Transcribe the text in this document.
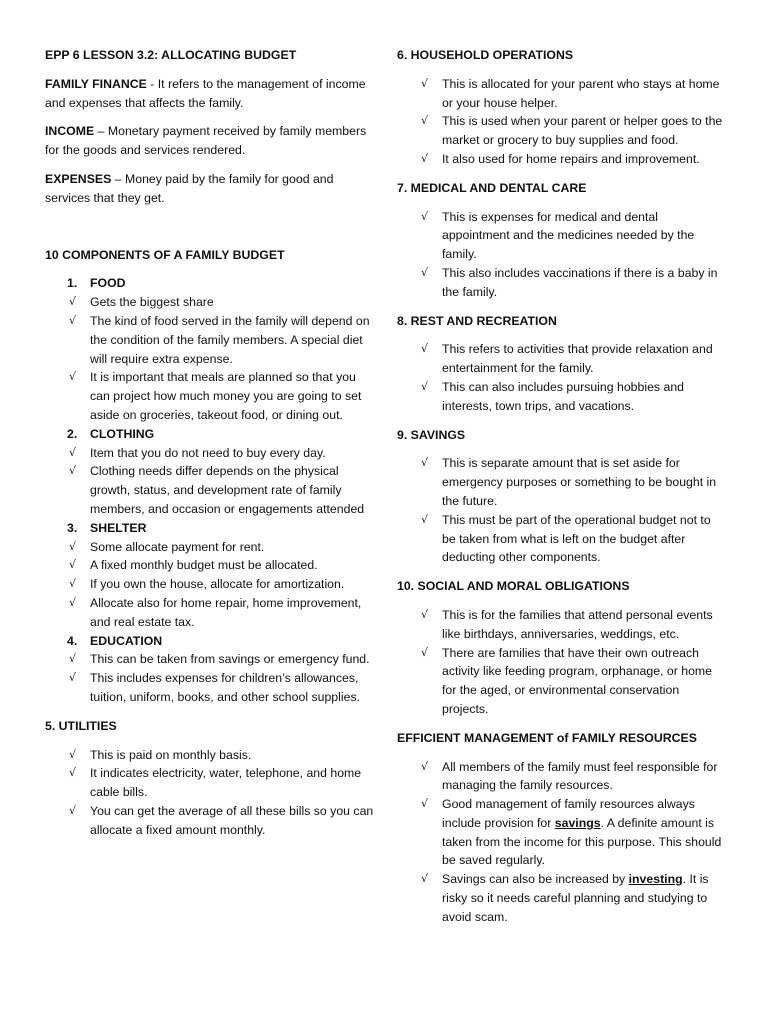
EPP 6 LESSON 3.2: ALLOCATING BUDGET

FAMILY FINANCE - It refers to the management of income and expenses that affects the family.

INCOME – Monetary payment received by family members for the goods and services rendered.

EXPENSES – Money paid by the family for good and services that they get.

10 COMPONENTS OF A FAMILY BUDGET

1. FOOD
√ Gets the biggest share
√ The kind of food served in the family will depend on the condition of the family members. A special diet will require extra expense.
√ It is important that meals are planned so that you can project how much money you are going to set aside on groceries, takeout food, or dining out.
2. CLOTHING
√ Item that you do not need to buy every day.
√ Clothing needs differ depends on the physical growth, status, and development rate of family members, and occasion or engagements attended
3. SHELTER
√ Some allocate payment for rent.
√ A fixed monthly budget must be allocated.
√ If you own the house, allocate for amortization.
√ Allocate also for home repair, home improvement, and real estate tax.
4. EDUCATION
√ This can be taken from savings or emergency fund.
√ This includes expenses for children’s allowances, tuition, uniform, books, and other school supplies.

5. UTILITIES

√ This is paid on monthly basis.
√ It indicates electricity, water, telephone, and home cable bills.
√ You can get the average of all these bills so you can allocate a fixed amount monthly.

6. HOUSEHOLD OPERATIONS

√ This is allocated for your parent who stays at home or your house helper.
√ This is used when your parent or helper goes to the market or grocery to buy supplies and food.
√ It also used for home repairs and improvement.

7. MEDICAL AND DENTAL CARE

√ This is expenses for medical and dental appointment and the medicines needed by the family.
√ This also includes vaccinations if there is a baby in the family.

8. REST AND RECREATION

√ This refers to activities that provide relaxation and entertainment for the family.
√ This can also includes pursuing hobbies and interests, town trips, and vacations.

9. SAVINGS

√ This is separate amount that is set aside for emergency purposes or something to be bought in the future.
√ This must be part of the operational budget not to be taken from what is left on the budget after deducting other components.

10. SOCIAL AND MORAL OBLIGATIONS

√ This is for the families that attend personal events like birthdays, anniversaries, weddings, etc.
√ There are families that have their own outreach activity like feeding program, orphanage, or home for the aged, or environmental conservation projects.

EFFICIENT MANAGEMENT of FAMILY RESOURCES

√ All members of the family must feel responsible for managing the family resources.
√ Good management of family resources always include provision for savings. A definite amount is taken from the income for this purpose. This should be saved regularly.
√ Savings can also be increased by investing. It is risky so it needs careful planning and studying to avoid scam.
